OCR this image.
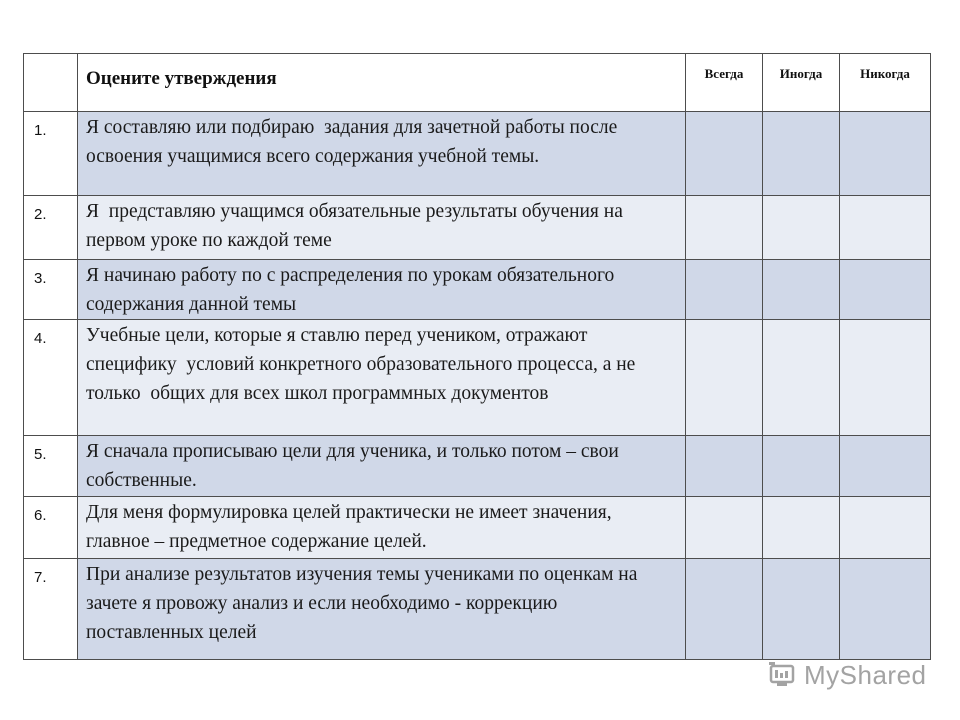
	Оцените утверждения	Всегда	Иногда	Никогда
1.	Я составляю или подбираю  задания для зачетной работы после освоения учащимися всего содержания учебной темы.			
2.	Я  представляю учащимся обязательные результаты обучения на первом уроке по каждой теме			
3.	Я начинаю работу по с распределения по урокам обязательного содержания данной темы			
4.	Учебные цели, которые я ставлю перед учеником, отражают специфику  условий конкретного образовательного процесса, а не только  общих для всех школ программных документов			
5.	Я сначала прописываю цели для ученика, и только потом – свои собственные.			
6.	Для меня формулировка целей практически не имеет значения, главное – предметное содержание целей.			
7.	При анализе результатов изучения темы учениками по оценкам на зачете я провожу анализ и если необходимо - коррекцию поставленных целей			
MyShared
